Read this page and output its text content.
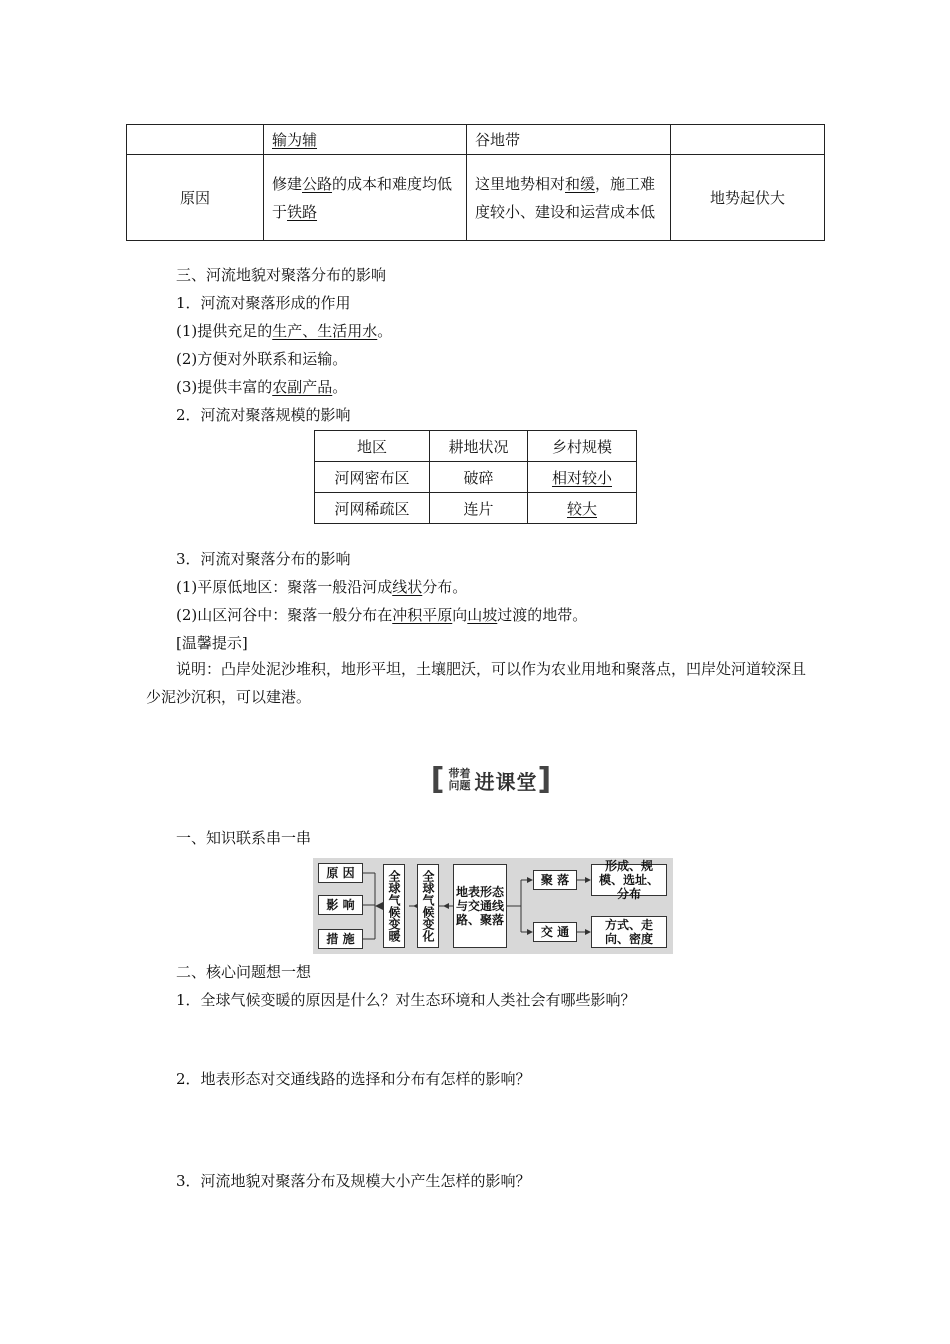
	输为辅	谷地带	
原因	修建公路的成本和难度均低于铁路	这里地势相对和缓，施工难度较小、建设和运营成本低	地势起伏大
三、河流地貌对聚落分布的影响
1．河流对聚落形成的作用
(1)提供充足的生产、生活用水。
(2)方便对外联系和运输。
(3)提供丰富的农副产品。
2．河流对聚落规模的影响
地区	耕地状况	乡村规模
河网密布区	破碎	相对较小
河网稀疏区	连片	较大
3．河流对聚落分布的影响
(1)平原低地区：聚落一般沿河成线状分布。
(2)山区河谷中：聚落一般分布在冲积平原向山坡过渡的地带。
[温馨提示]
说明：凸岸处泥沙堆积，地形平坦，土壤肥沃，可以作为农业用地和聚落点，凹岸处河道较深且少泥沙沉积，可以建港。
[ 带着
问题 进课堂 ]
一、知识联系串一串
原 因
影 响
措 施	全球气候变暖	全球气候变化	地表形态与交通线路、聚落
聚 落
交 通
形成、规模、选址、分布
方式、走向、密度
二、核心问题想一想
1．全球气候变暖的原因是什么？对生态环境和人类社会有哪些影响？
2．地表形态对交通线路的选择和分布有怎样的影响？
3．河流地貌对聚落分布及规模大小产生怎样的影响？
